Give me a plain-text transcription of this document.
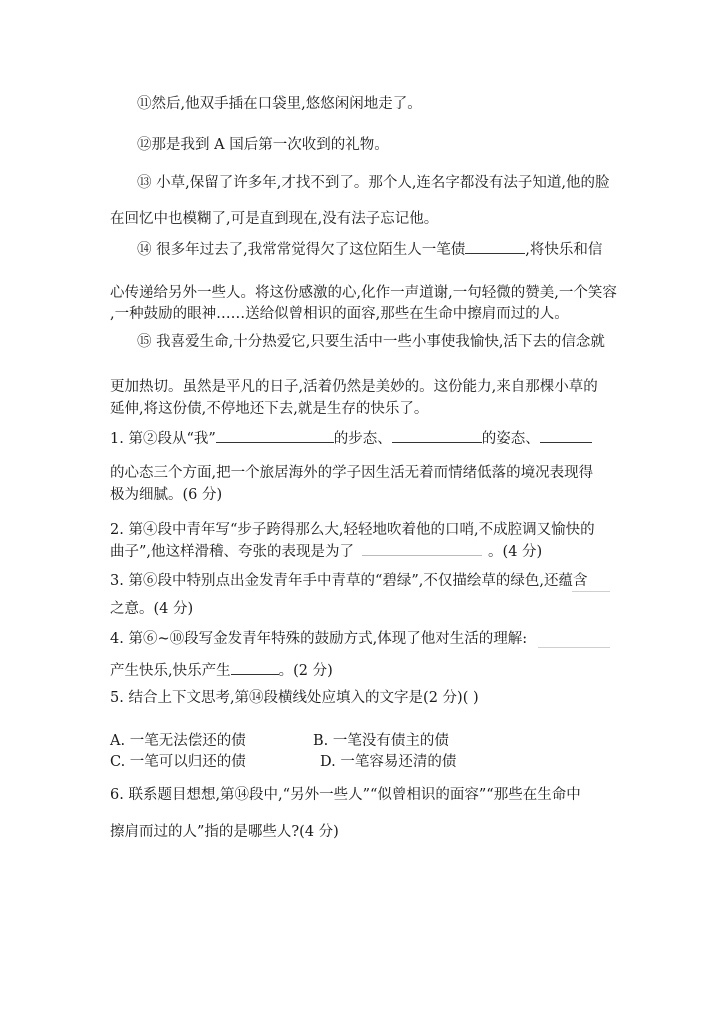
⑪然后,他双手插在口袋里,悠悠闲闲地走了。
⑫那是我到 A 国后第一次收到的礼物。
⑬ 小草,保留了许多年,才找不到了。那个人,连名字都没有法子知道,他的脸
在回忆中也模糊了,可是直到现在,没有法子忘记他。
⑭ 很多年过去了,我常常觉得欠了这位陌生人一笔债	,将快乐和信
心传递给另外一些人。将这份感激的心,化作一声道谢,一句轻微的赞美,一个笑容
,一种鼓励的眼神……送给似曾相识的面容,那些在生命中擦肩而过的人。
⑮ 我喜爱生命,十分热爱它,只要生活中一些小事使我愉快,活下去的信念就
更加热切。虽然是平凡的日子,活着仍然是美妙的。这份能力,来自那棵小草的
延伸,将这份债,不停地还下去,就是生存的快乐了。
1. 第②段从“我”	的步态、	的姿态、
的心态三个方面,把一个旅居海外的学子因生活无着而情绪低落的境况表现得
极为细腻。(6 分)
2. 第④段中青年写“步子跨得那么大,轻轻地吹着他的口哨,不成腔调又愉快的
曲子”,他这样滑稽、夸张的表现是为了	。(4 分)
3. 第⑥段中特别点出金发青年手中青草的“碧绿”,不仅描绘草的绿色,还蕴含
之意。(4 分)
4. 第⑥~⑩段写金发青年特殊的鼓励方式,体现了他对生活的理解:
产生快乐,快乐产生	。(2 分)
5. 结合上下文思考,第⑭段横线处应填入的文字是(2 分)( )
A. 一笔无法偿还的债	B. 一笔没有债主的债
C. 一笔可以归还的债	D. 一笔容易还清的债
6. 联系题目想想,第⑭段中,“另外一些人”“似曾相识的面容”“那些在生命中
擦肩而过的人”指的是哪些人?(4 分)
